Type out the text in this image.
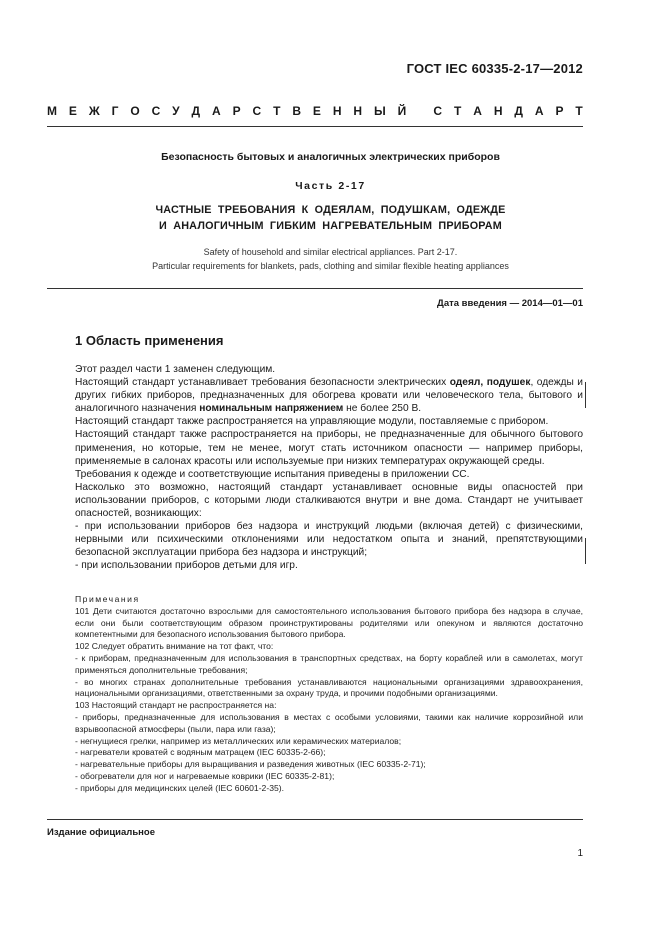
ГОСТ IEC 60335-2-17—2012
М Е Ж Г О С У Д А Р С Т В Е Н Н Ы Й
С Т А Н Д А Р Т
Безопасность бытовых и аналогичных электрических приборов
Часть 2-17
ЧАСТНЫЕ ТРЕБОВАНИЯ К ОДЕЯЛАМ, ПОДУШКАМ, ОДЕЖДЕ
И АНАЛОГИЧНЫМ ГИБКИМ НАГРЕВАТЕЛЬНЫМ ПРИБОРАМ
Safety of household and similar electrical appliances. Part 2-17.
Particular requirements for blankets, pads, clothing and similar flexible heating appliances
Дата введения — 2014—01—01
1 Область применения

Этот раздел части 1 заменен следующим.

Настоящий стандарт устанавливает требования безопасности электрических одеял, подушек, одежды и других гибких приборов, предназначенных для обогрева кровати или человеческого тела, бытового и аналогичного назначения номинальным напряжением не более 250 В.

Настоящий стандарт также распространяется на управляющие модули, поставляемые с прибором.

Настоящий стандарт также распространяется на приборы, не предназначенные для обычного бытового применения, но которые, тем не менее, могут стать источником опасности — например приборы, применяемые в салонах красоты или используемые при низких температурах окружающей среды.

Требования к одежде и соответствующие испытания приведены в приложении СС.

Насколько это возможно, настоящий стандарт устанавливает основные виды опасностей при использовании приборов, с которыми люди сталкиваются внутри и вне дома. Стандарт не учитывает опасностей, возникающих:

- при использовании приборов без надзора и инструкций людьми (включая детей) с физическими, нервными или психическими отклонениями или недостатком опыта и знаний, препятствующими безопасной эксплуатации прибора без надзора и инструкций;

- при использовании приборов детьми для игр.

Примечания

101 Дети считаются достаточно взрослыми для самостоятельного использования бытового прибора без надзора в случае, если они были соответствующим образом проинструктированы родителями или опекуном и являются достаточно компетентными для безопасного использования бытового прибора.

102 Следует обратить внимание на тот факт, что:

- к приборам, предназначенным для использования в транспортных средствах, на борту кораблей или в самолетах, могут применяться дополнительные требования;

- во многих странах дополнительные требования устанавливаются национальными организациями здравоохранения, национальными организациями, ответственными за охрану труда, и прочими подобными организациями.

103 Настоящий стандарт не распространяется на:

- приборы, предназначенные для использования в местах с особыми условиями, такими как наличие коррозийной или взрывоопасной атмосферы (пыли, пара или газа);

- негнущиеся грелки, например из металлических или керамических материалов;

- нагреватели кроватей с водяным матрацем (IEC 60335-2-66);

- нагревательные приборы для выращивания и разведения животных (IEC 60335-2-71);

- обогреватели для ног и нагреваемые коврики (IEC 60335-2-81);

- приборы для медицинских целей (IEC 60601-2-35).

Издание официальное
1
